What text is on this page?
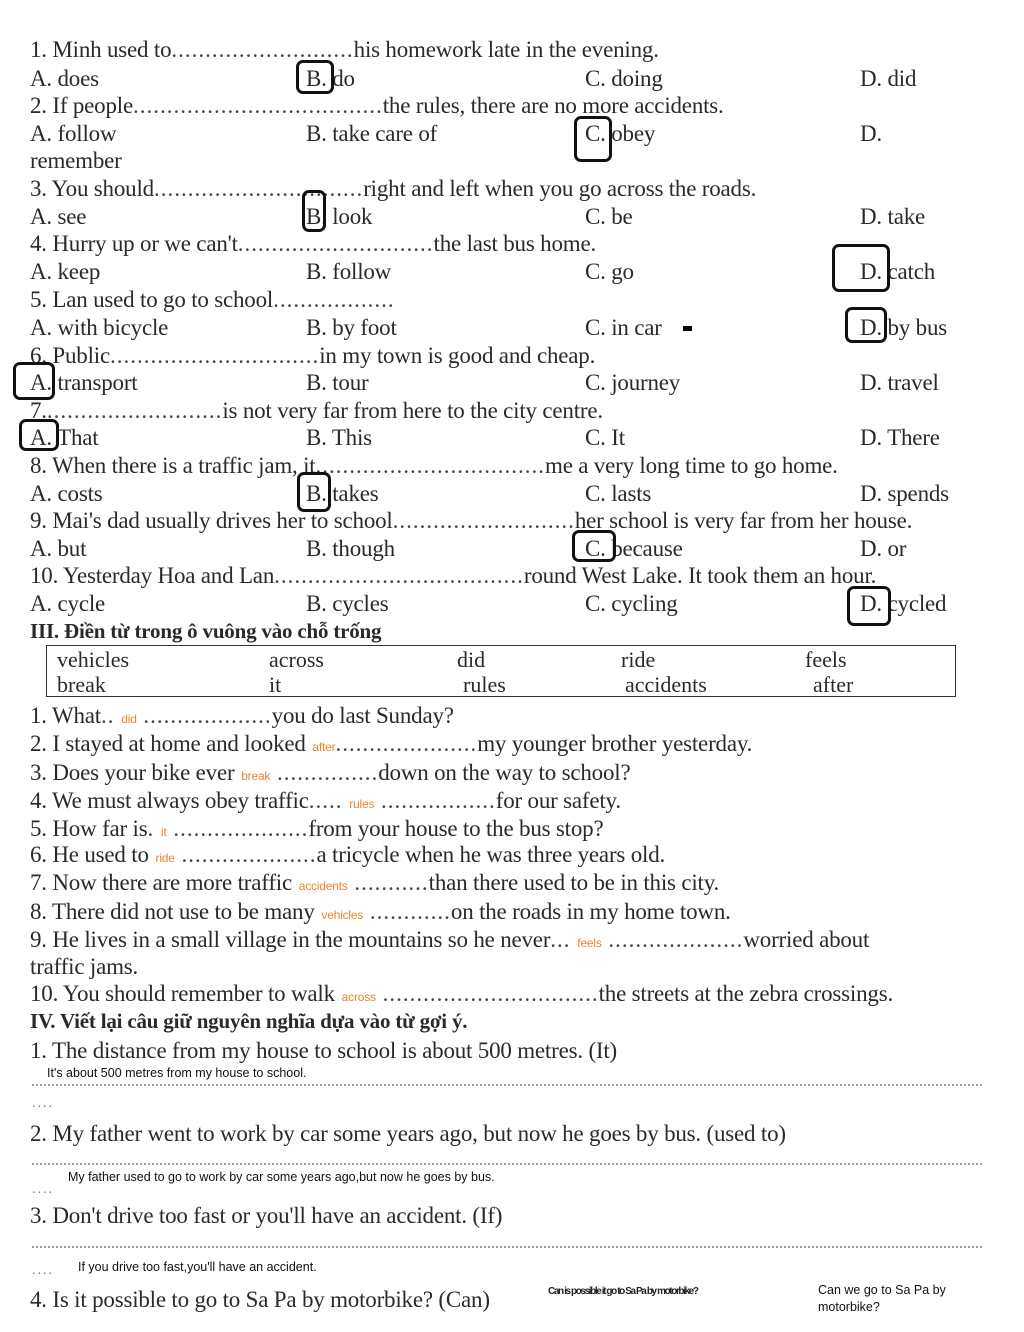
1. Minh used to...........................his homework late in the evening.
A. does	B. do	C. doing	D. did
2. If people.....................................the rules, there are no more accidents.
A. follow	B. take care of	C. obey	D.
remember
3. You should...............................right and left when you go across the roads.
A. see	B. look	C. be	D. take
4. Hurry up or we can't.............................the last bus home.
A. keep	B. follow	C. go	D. catch
5. Lan used to go to school..................
A. with bicycle	B. by foot	C. in car	D. by bus
6. Public...............................in my town is good and cheap.
A. transport	B. tour	C. journey	D. travel
7...........................is not very far from here to the city centre.
A. That	B. This	C. It	D. There
8. When there is a traffic jam, it..................................me a very long time to go home.
A. costs	B. takes	C. lasts	D. spends
9. Mai's dad usually drives her to school...........................her school is very far from her house.
A. but	B. though	C. because	D. or
10. Yesterday Hoa and Lan.....................................round West Lake. It took them an hour.
A. cycle	B. cycles	C. cycling	D. cycled
III. Điền từ trong ô vuông vào chỗ trống
vehicles	across	did	ride	feels
break	it	rules	accidents	after
1. What.. did ...................you do last Sunday?
2. I stayed at home and looked after.....................my younger brother yesterday.
3. Does your bike ever break ...............down on the way to school?
4. We must always obey traffic..... rules .................for our safety.
5. How far is. it ....................from your house to the bus stop?
6. He used to ride ....................a tricycle when he was three years old.
7. Now there are more traffic accidents ...........than there used to be in this city.
8. There did not use to be many vehicles ............on the roads in my home town.
9. He lives in a small village in the mountains so he never... feels ....................worried about
traffic jams.
10. You should remember to walk across ................................the streets at the zebra crossings.
IV. Viết lại câu giữ nguyên nghĩa dựa vào từ gợi ý.
1. The distance from my house to school is about 500 metres. (It)
It's about 500 metres from my house to school.
....
2. My father went to work by car some years ago, but now he goes by bus. (used to)
My father used to go to work by car some years ago,but now he goes by bus.
....
3. Don't drive too fast or you'll have an accident. (If)
.... If you drive too fast,you'll have an accident.
4. Is it possible to go to Sa Pa by motorbike? (Can)	Can is possible it go to Sa Pa by motorbike?	Can we go to Sa Pa by motorbike?
